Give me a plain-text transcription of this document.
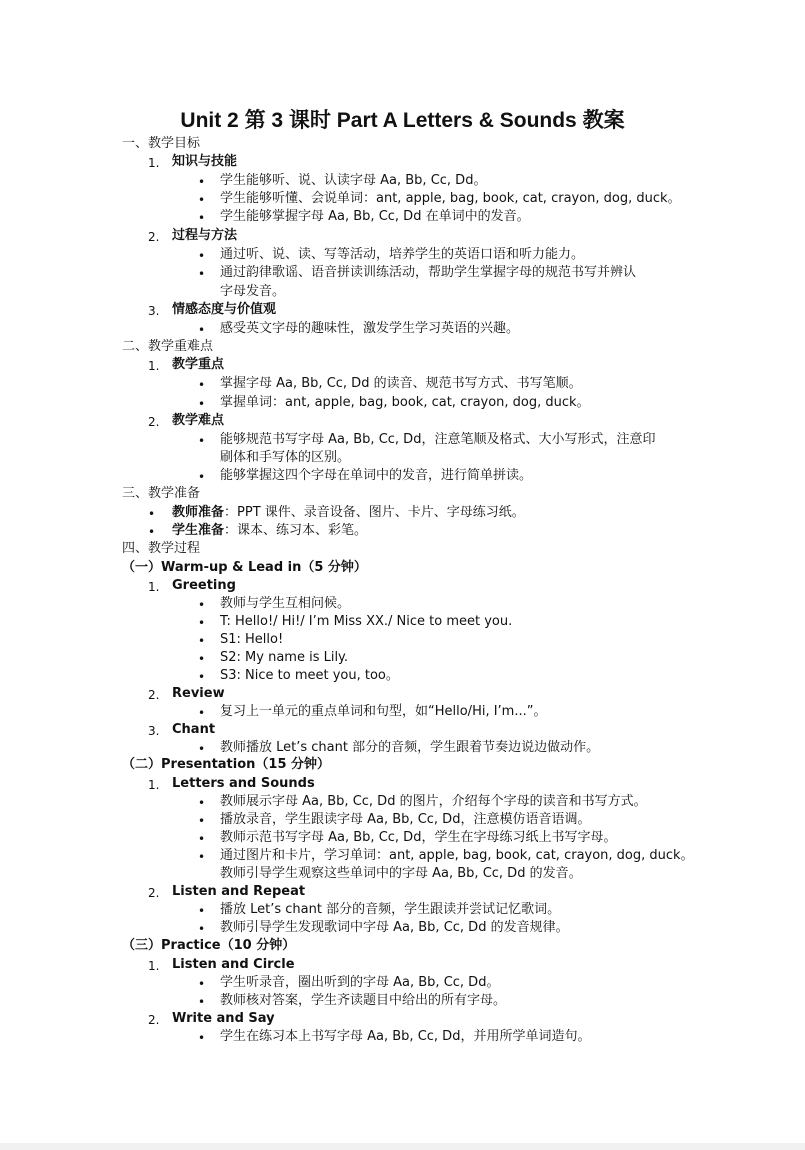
Unit 2 第 3 课时 Part A Letters & Sounds 教案
一、教学目标
1. 知识与技能
• 学生能够听、说、认读字母 Aa, Bb, Cc, Dd。
• 学生能够听懂、会说单词：ant, apple, bag, book, cat, crayon, dog, duck。
• 学生能够掌握字母 Aa, Bb, Cc, Dd 在单词中的发音。
2. 过程与方法
• 通过听、说、读、写等活动，培养学生的英语口语和听力能力。
• 通过韵律歌谣、语音拼读训练活动，帮助学生掌握字母的规范书写并辨认
字母发音。
3. 情感态度与价值观
• 感受英文字母的趣味性，激发学生学习英语的兴趣。
二、教学重难点
1. 教学重点
• 掌握字母 Aa, Bb, Cc, Dd 的读音、规范书写方式、书写笔顺。
• 掌握单词：ant, apple, bag, book, cat, crayon, dog, duck。
2. 教学难点
• 能够规范书写字母 Aa, Bb, Cc, Dd，注意笔顺及格式、大小写形式，注意印
刷体和手写体的区别。
• 能够掌握这四个字母在单词中的发音，进行简单拼读。
三、教学准备
• 教师准备：PPT 课件、录音设备、图片、卡片、字母练习纸。
• 学生准备：课本、练习本、彩笔。
四、教学过程
（一）Warm-up & Lead in（5 分钟）
1. Greeting
• 教师与学生互相问候。
• T: Hello!/ Hi!/ I’m Miss XX./ Nice to meet you.
• S1: Hello!
• S2: My name is Lily.
• S3: Nice to meet you, too。
2. Review
• 复习上一单元的重点单词和句型，如“Hello/Hi, I’m...”。
3. Chant
• 教师播放 Let’s chant 部分的音频，学生跟着节奏边说边做动作。
（二）Presentation（15 分钟）
1. Letters and Sounds
• 教师展示字母 Aa, Bb, Cc, Dd 的图片，介绍每个字母的读音和书写方式。
• 播放录音，学生跟读字母 Aa, Bb, Cc, Dd，注意模仿语音语调。
• 教师示范书写字母 Aa, Bb, Cc, Dd，学生在字母练习纸上书写字母。
• 通过图片和卡片，学习单词：ant, apple, bag, book, cat, crayon, dog, duck。
教师引导学生观察这些单词中的字母 Aa, Bb, Cc, Dd 的发音。
2. Listen and Repeat
• 播放 Let’s chant 部分的音频，学生跟读并尝试记忆歌词。
• 教师引导学生发现歌词中字母 Aa, Bb, Cc, Dd 的发音规律。
（三）Practice（10 分钟）
1. Listen and Circle
• 学生听录音，圈出听到的字母 Aa, Bb, Cc, Dd。
• 教师核对答案，学生齐读题目中给出的所有字母。
2. Write and Say
• 学生在练习本上书写字母 Aa, Bb, Cc, Dd，并用所学单词造句。
